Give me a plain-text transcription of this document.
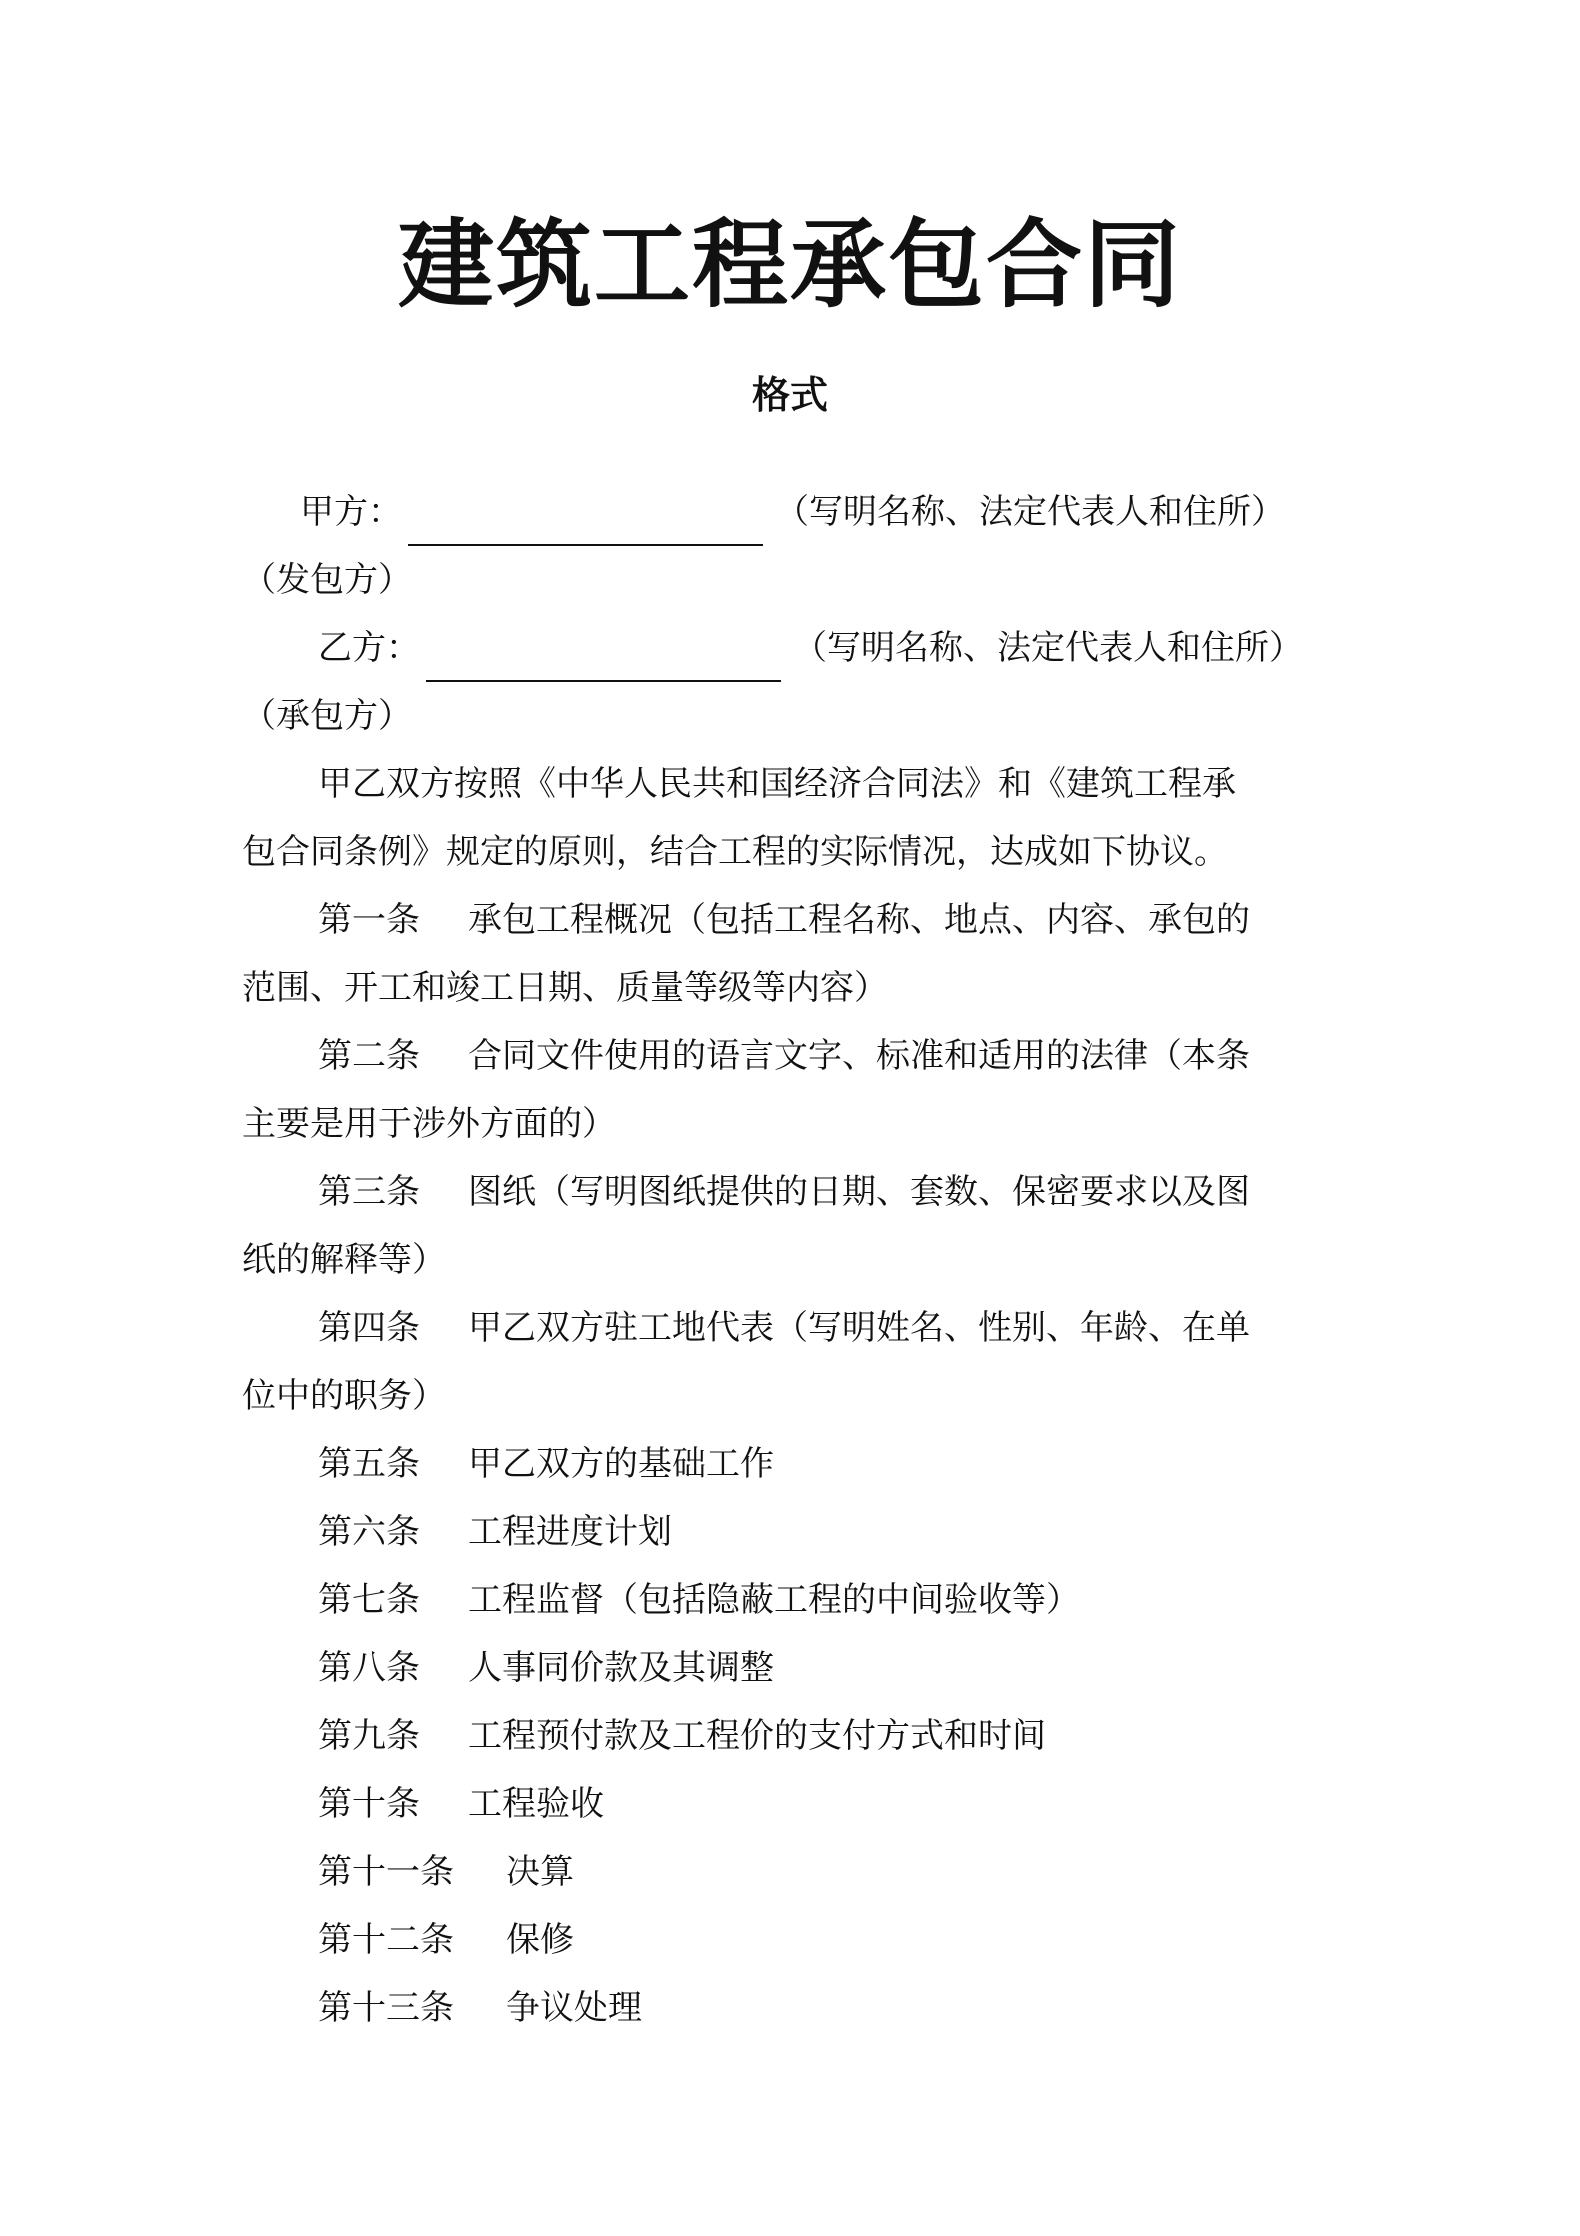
建筑工程承包合同
格式
甲方：	（写明名称、法定代表人和住所）
（发包方）
乙方：	（写明名称、法定代表人和住所）
（承包方）
甲乙双方按照《中华人民共和国经济合同法》和《建筑工程承
包合同条例》规定的原则，结合工程的实际情况，达成如下协议。
第一条 承包工程概况（包括工程名称、地点、内容、承包的
范围、开工和竣工日期、质量等级等内容）
第二条 合同文件使用的语言文字、标准和适用的法律（本条
主要是用于涉外方面的）
第三条 图纸（写明图纸提供的日期、套数、保密要求以及图
纸的解释等）
第四条 甲乙双方驻工地代表（写明姓名、性别、年龄、在单
位中的职务）
第五条 甲乙双方的基础工作
第六条 工程进度计划
第七条 工程监督（包括隐蔽工程的中间验收等）
第八条 人事同价款及其调整
第九条 工程预付款及工程价的支付方式和时间
第十条 工程验收
第十一条 决算
第十二条 保修
第十三条 争议处理
